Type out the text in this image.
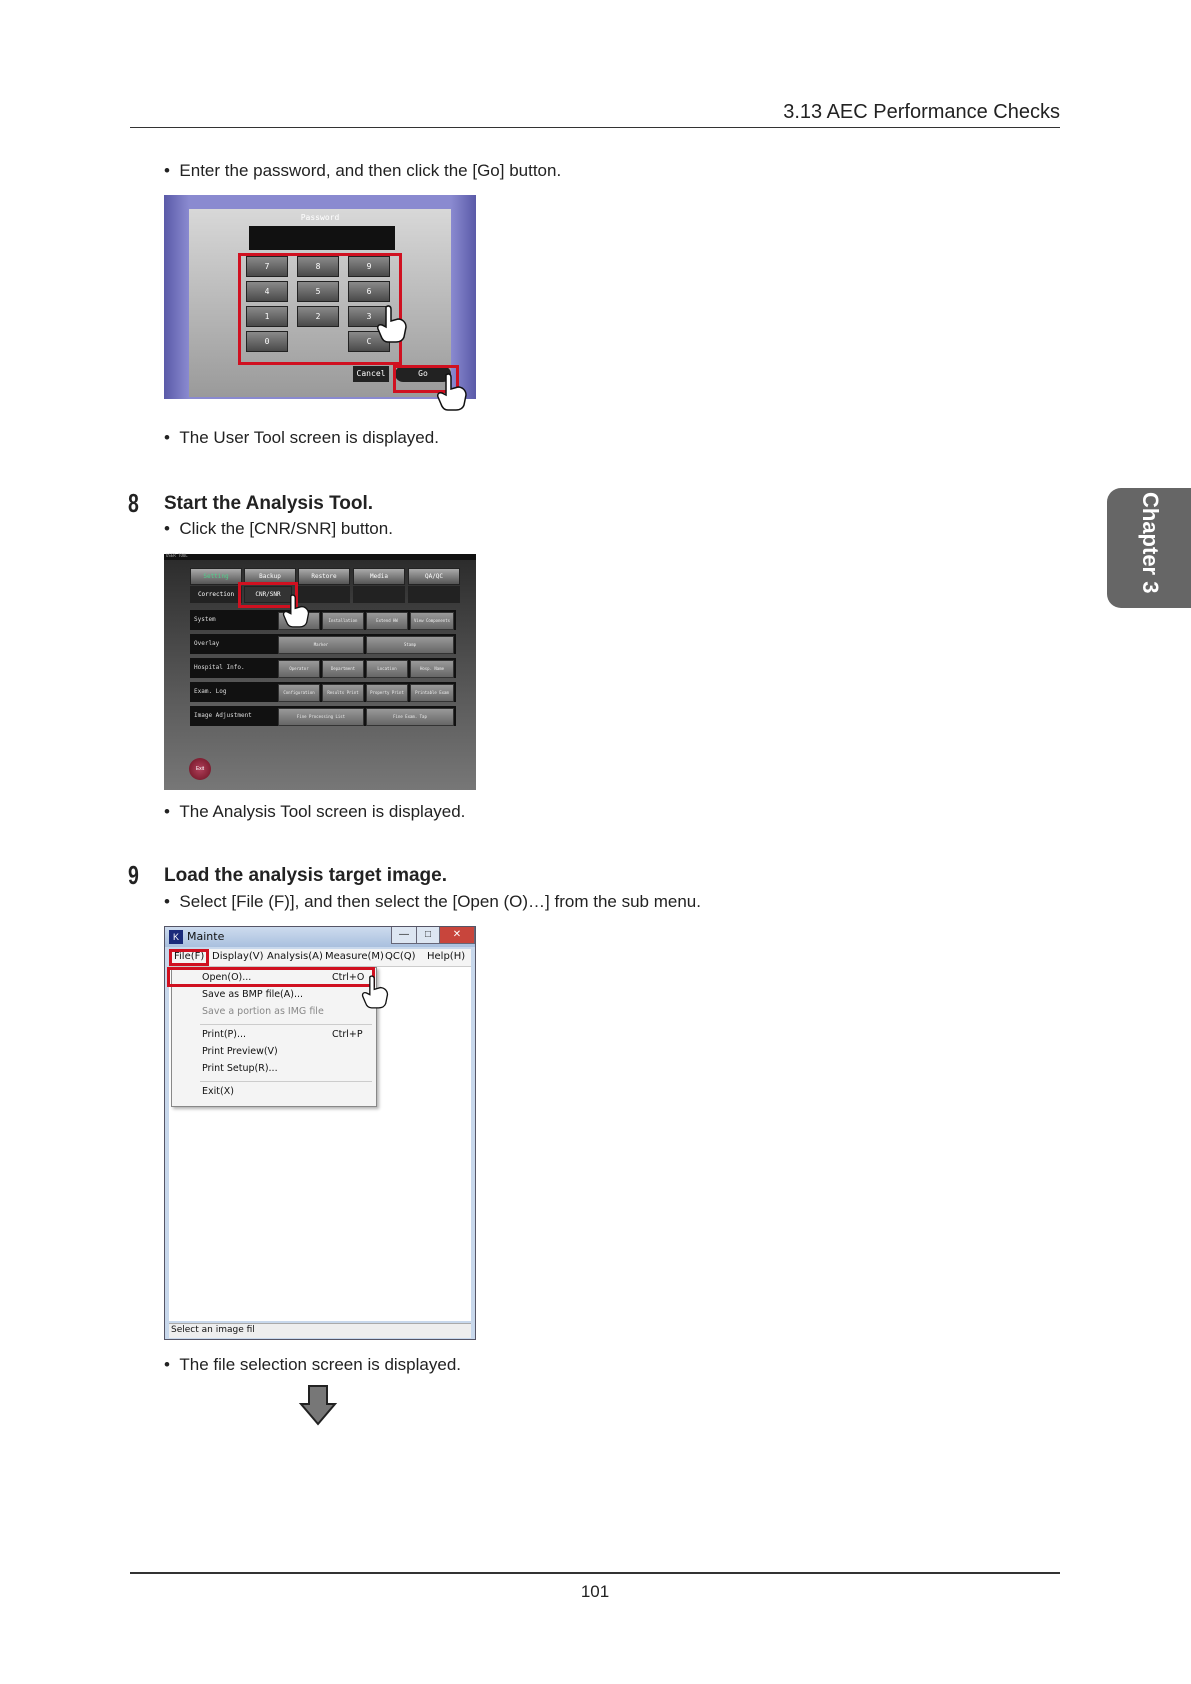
3.13 AEC Performance Checks
Chapter 3
•  Enter the password, and then click the [Go] button.
Password
7	8	9
4	5	6
1	2	3
0	C
Cancel	Go
•  The User Tool screen is displayed.
8 Start the Analysis Tool.
•  Click the [CNR/SNR] button.
USER TOOL
Setting	Backup	Restore	Media	QA/QC
Correction	CNR/SNR
System	Installation	Extend HW	View Components
Overlay	Marker	Stamp
Hospital Info.	Operator	Department	Location	Hosp. Name
Exam. Log	Configuration	Results Print	Property Print	Printable Exam
Image Adjustment	Fine Processing List	Fine Exam. Tap
Exit
•  The Analysis Tool screen is displayed.
9 Load the analysis target image.
•  Select [File (F)], and then select the [Open (O)…] from the sub menu.
K Mainte	—	□	✕
File(F) Display(V) Analysis(A) Measure(M) QC(Q) Help(H)
Open(O)...	Ctrl+O
Save as BMP file(A)...
Save a portion as IMG file
Print(P)...	Ctrl+P
Print Preview(V)
Print Setup(R)...
Exit(X)
Select an image fil
•  The file selection screen is displayed.
101
